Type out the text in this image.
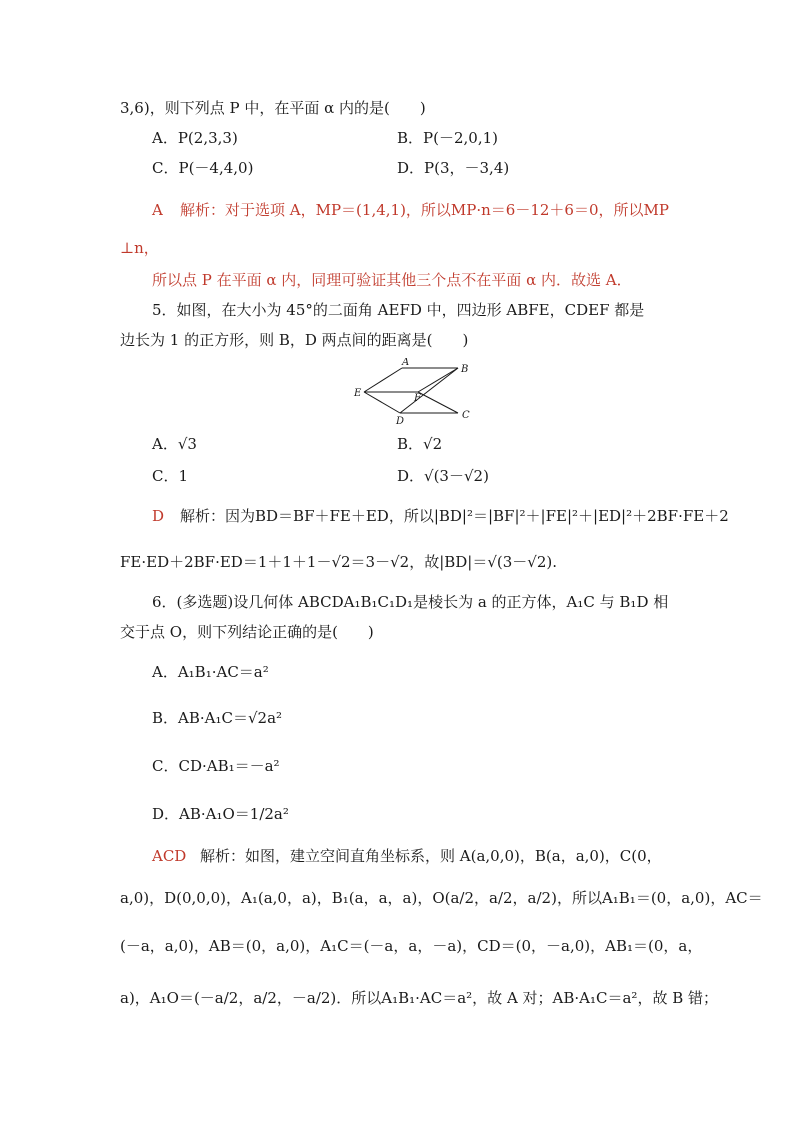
3,6)，则下列点 P 中，在平面 α 内的是(　　)
A．P(2,3,3)	B．P(－2,0,1)
C．P(－4,4,0)	D．P(3，－3,4)
A 解析：对于选项 A，MP＝(1,4,1)，所以MP·n＝6－12＋6＝0，所以MP
⊥n，
所以点 P 在平面 α 内，同理可验证其他三个点不在平面 α 内．故选 A．
5．如图，在大小为 45°的二面角 AEFD 中，四边形 ABFE，CDEF 都是
边长为 1 的正方形，则 B，D 两点间的距离是(　　)
A
B
E	F
C
D
A．√3	B．√2
C．1	D．√(3－√2)
D 解析：因为BD＝BF＋FE＋ED，所以|BD|²＝|BF|²＋|FE|²＋|ED|²＋2BF·FE＋2
FE·ED＋2BF·ED＝1＋1＋1－√2＝3－√2，故|BD|＝√(3－√2).
6．(多选题)设几何体 ABCDA₁B₁C₁D₁是棱长为 a 的正方体，A₁C 与 B₁D 相
交于点 O，则下列结论正确的是(　　)
A．A₁B₁·AC＝a²
B．AB·A₁C＝√2a²
C．CD·AB₁＝－a²
D．AB·A₁O＝1/2a²
ACD 解析：如图，建立空间直角坐标系，则 A(a,0,0)，B(a，a,0)，C(0，
a,0)，D(0,0,0)，A₁(a,0，a)，B₁(a，a，a)，O(a/2，a/2，a/2)，所以A₁B₁＝(0，a,0)，AC＝
(－a，a,0)，AB＝(0，a,0)，A₁C＝(－a，a，－a)，CD＝(0，－a,0)，AB₁＝(0，a，
a)，A₁O＝(－a/2，a/2，－a/2)．所以A₁B₁·AC＝a²，故 A 对；AB·A₁C＝a²，故 B 错；
